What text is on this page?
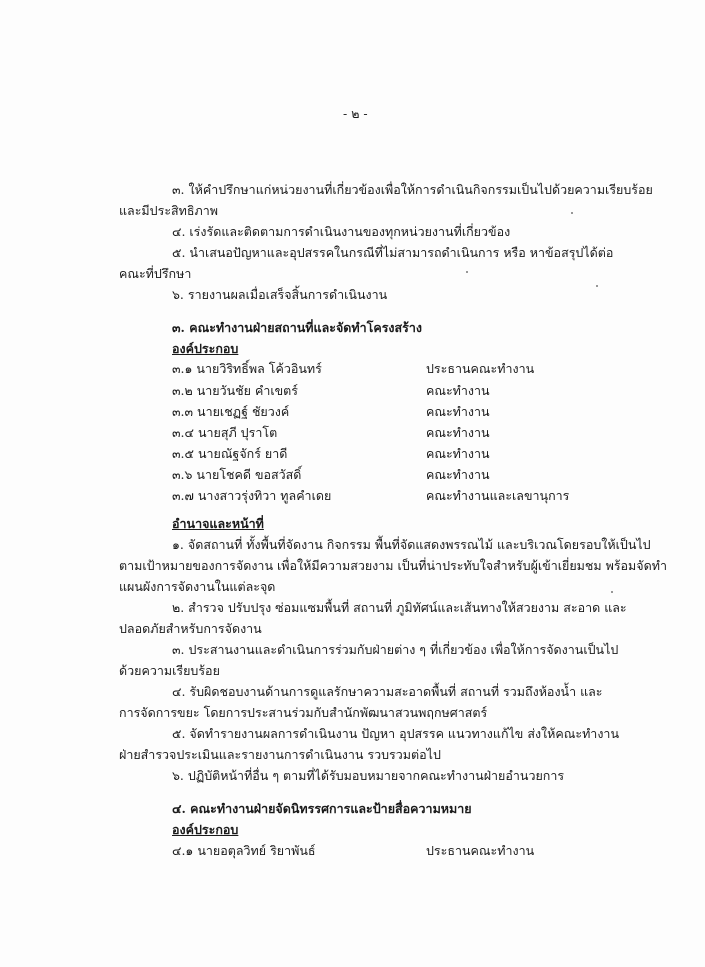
- ๒ -
๓. ให้คำปรึกษาแก่หน่วยงานที่เกี่ยวข้องเพื่อให้การดำเนินกิจกรรมเป็นไปด้วยความเรียบร้อย
และมีประสิทธิภาพ
๔. เร่งรัดและติดตามการดำเนินงานของทุกหน่วยงานที่เกี่ยวข้อง
๕. นำเสนอปัญหาและอุปสรรคในกรณีที่ไม่สามารถดำเนินการ หรือ หาข้อสรุปได้ต่อ
คณะที่ปรึกษา
๖. รายงานผลเมื่อเสร็จสิ้นการดำเนินงาน
๓. คณะทำงานฝ่ายสถานที่และจัดทำโครงสร้าง
องค์ประกอบ
๓.๑ นายวิริทธิ์พล โค้วอินทร์	ประธานคณะทำงาน
๓.๒ นายวันชัย คำเขตร์	คณะทำงาน
๓.๓ นายเชฏฐ์ ชัยวงค์	คณะทำงาน
๓.๔ นายสุภี ปุราโต	คณะทำงาน
๓.๕ นายณัฐจักร์ ยาดี	คณะทำงาน
๓.๖ นายโชคดี ขอสวัสดิ์	คณะทำงาน
๓.๗ นางสาวรุ่งทิวา ทูลคำเดย	คณะทำงานและเลขานุการ
อำนาจและหน้าที่
๑. จัดสถานที่ ทั้งพื้นที่จัดงาน กิจกรรม พื้นที่จัดแสดงพรรณไม้ และบริเวณโดยรอบให้เป็นไป
ตามเป้าหมายของการจัดงาน เพื่อให้มีความสวยงาม เป็นที่น่าประทับใจสำหรับผู้เข้าเยี่ยมชม พร้อมจัดทำ
แผนผังการจัดงานในแต่ละจุด
๒. สำรวจ ปรับปรุง ซ่อมแซมพื้นที่ สถานที่ ภูมิทัศน์และเส้นทางให้สวยงาม สะอาด และ
ปลอดภัยสำหรับการจัดงาน
๓. ประสานงานและดำเนินการร่วมกับฝ่ายต่าง ๆ ที่เกี่ยวข้อง เพื่อให้การจัดงานเป็นไป
ด้วยความเรียบร้อย
๔. รับผิดชอบงานด้านการดูแลรักษาความสะอาดพื้นที่ สถานที่ รวมถึงห้องน้ำ และ
การจัดการขยะ โดยการประสานร่วมกับสำนักพัฒนาสวนพฤกษศาสตร์
๕. จัดทำรายงานผลการดำเนินงาน ปัญหา อุปสรรค แนวทางแก้ไข ส่งให้คณะทำงาน
ฝ่ายสำรวจประเมินและรายงานการดำเนินงาน รวบรวมต่อไป
๖. ปฏิบัติหน้าที่อื่น ๆ ตามที่ได้รับมอบหมายจากคณะทำงานฝ่ายอำนวยการ
๔. คณะทำงานฝ่ายจัดนิทรรศการและป้ายสื่อความหมาย
องค์ประกอบ
๔.๑ นายอตุลวิทย์ ริยาพันธ์	ประธานคณะทำงาน
